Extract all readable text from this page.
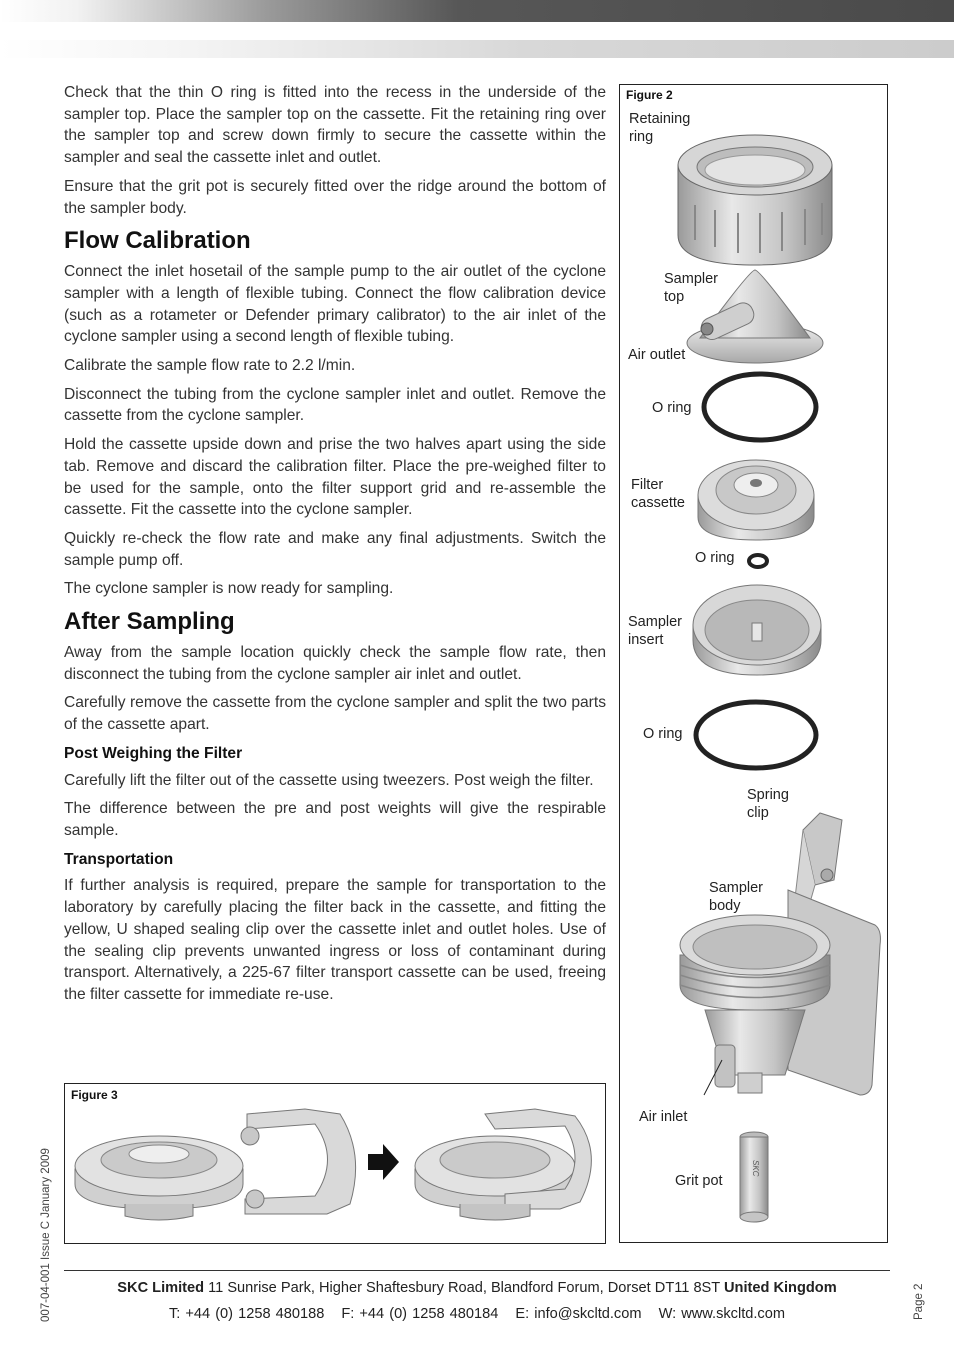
Check that the thin O ring is fitted into the recess in the underside of the sampler top. Place the sampler top on the cassette. Fit the retaining ring over the sampler top and screw down firmly to secure the cassette within the sampler and seal the cassette inlet and outlet.

Ensure that the grit pot is securely fitted over the ridge around the bottom of the sampler body.

Flow Calibration

Connect the inlet hosetail of the sample pump to the air outlet of the cyclone sampler with a length of flexible tubing. Connect the flow calibration device (such as a rotameter or Defender primary calibrator) to the air inlet of the cyclone sampler using a second length of flexible tubing.

Calibrate the sample flow rate to 2.2 l/min.

Disconnect the tubing from the cyclone sampler inlet and outlet. Remove the cassette from the cyclone sampler.

Hold the cassette upside down and prise the two halves apart using the side tab. Remove and discard the calibration filter. Place the pre-weighed filter to be used for the sample, onto the filter support grid and re-assemble the cassette. Fit the cassette into the cyclone sampler.

Quickly re-check the flow rate and make any final adjustments. Switch the sample pump off.

The cyclone sampler is now ready for sampling.

After Sampling

Away from the sample location quickly check the sample flow rate, then disconnect the tubing from the cyclone sampler air inlet and outlet.

Carefully remove the cassette from the cyclone sampler and split the two parts of the cassette apart.

Post Weighing the Filter

Carefully lift the filter out of the cassette using tweezers. Post weigh the filter.

The difference between the pre and post weights will give the respirable sample.

Transportation

If further analysis is required, prepare the sample for transportation to the laboratory by carefully placing the filter back in the cassette, and fitting the yellow, U shaped sealing clip over the cassette inlet and outlet holes. Use of the sealing clip prevents unwanted ingress or loss of contaminant during transport. Alternatively, a 225-67 filter transport cassette can be used, freeing the filter cassette for immediate re-use.

Figure 2
Retaining
ring
Sampler
top
Air outlet
O ring
Filter
cassette
O ring
Sampler
insert
O ring
Spring
clip
Sampler
body
Air inlet
Grit pot
SKC
Figure 3
SKC Limited 11 Sunrise Park, Higher Shaftesbury Road, Blandford Forum, Dorset DT11 8ST United Kingdom
T: +44 (0) 1258 480188 F: +44 (0) 1258 480184 E: info@skcltd.com W: www.skcltd.com
007-04-001 Issue C January 2009	Page 2
